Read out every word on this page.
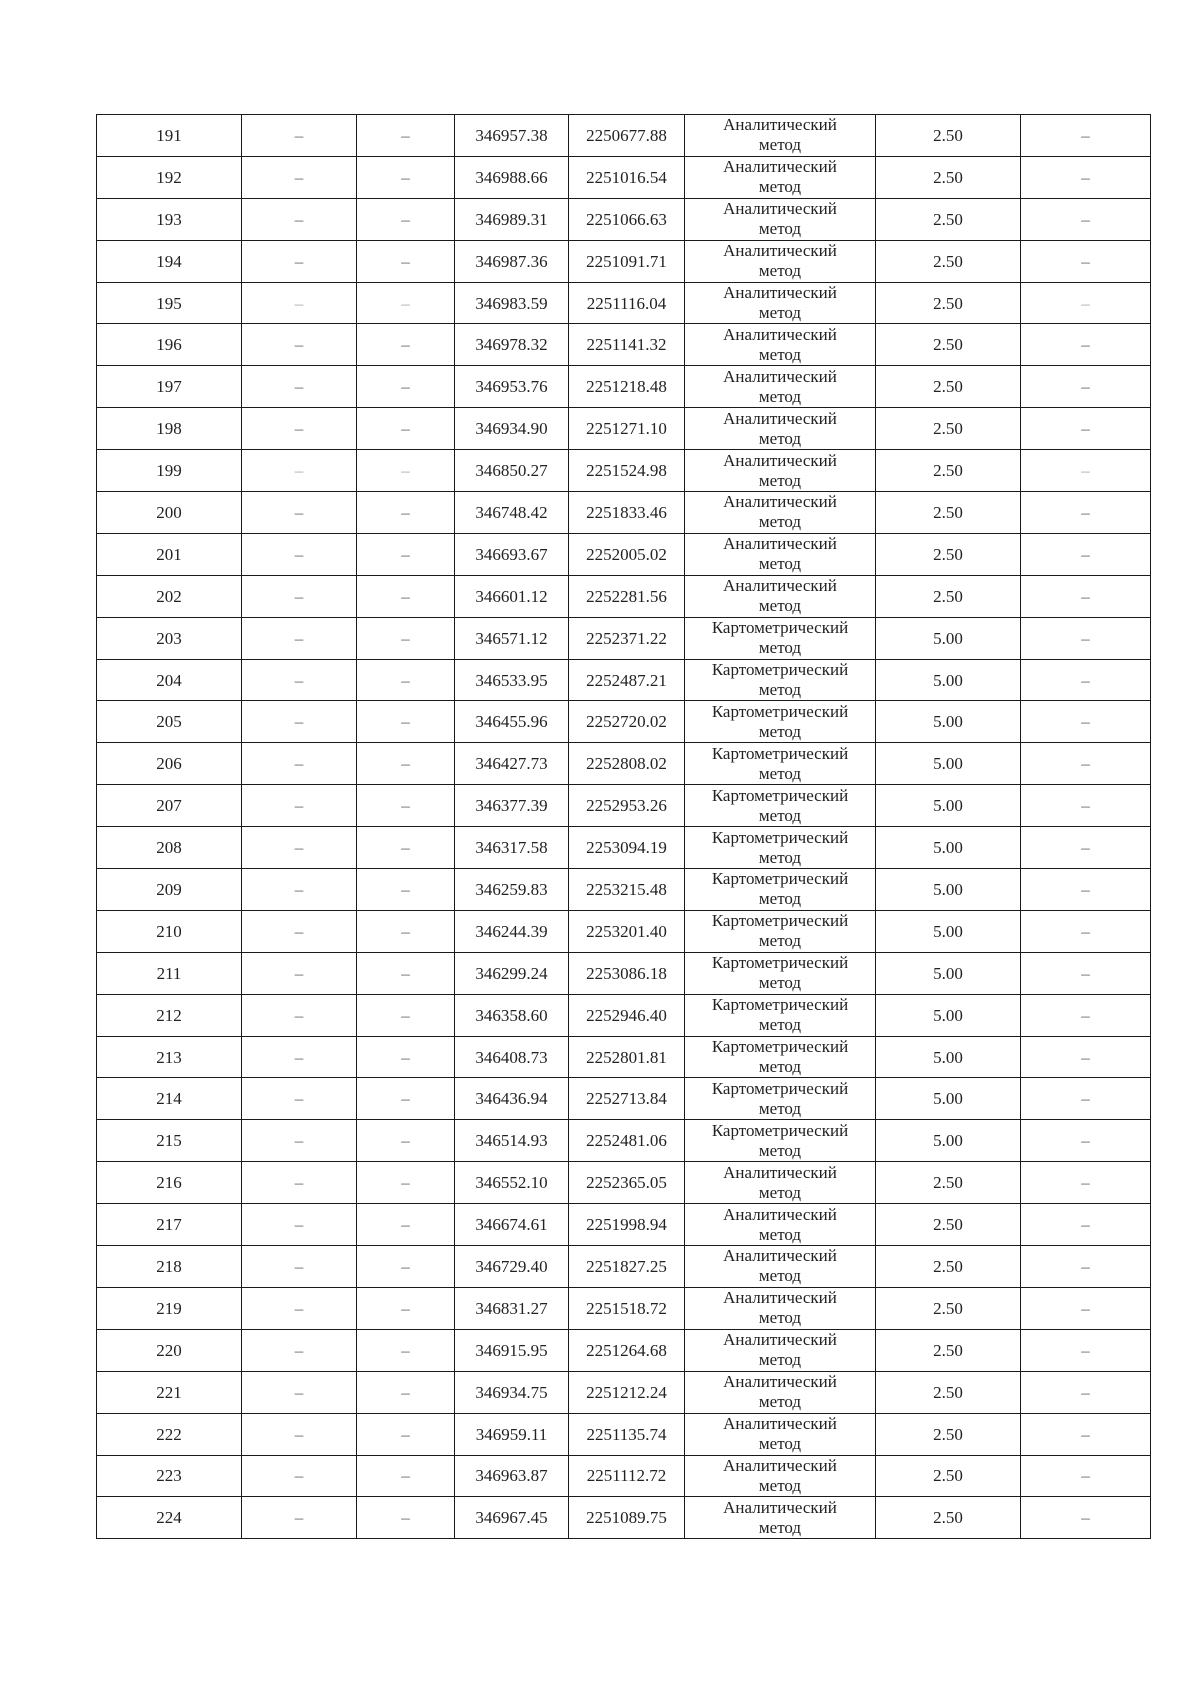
191	–	–	346957.38	2250677.88	Аналитический
метод	2.50	–
192	–	–	346988.66	2251016.54	Аналитический
метод	2.50	–
193	–	–	346989.31	2251066.63	Аналитический
метод	2.50	–
194	–	–	346987.36	2251091.71	Аналитический
метод	2.50	–
195	–	–	346983.59	2251116.04	Аналитический
метод	2.50	–
196	–	–	346978.32	2251141.32	Аналитический
метод	2.50	–
197	–	–	346953.76	2251218.48	Аналитический
метод	2.50	–
198	–	–	346934.90	2251271.10	Аналитический
метод	2.50	–
199	–	–	346850.27	2251524.98	Аналитический
метод	2.50	–
200	–	–	346748.42	2251833.46	Аналитический
метод	2.50	–
201	–	–	346693.67	2252005.02	Аналитический
метод	2.50	–
202	–	–	346601.12	2252281.56	Аналитический
метод	2.50	–
203	–	–	346571.12	2252371.22	Картометрический
метод	5.00	–
204	–	–	346533.95	2252487.21	Картометрический
метод	5.00	–
205	–	–	346455.96	2252720.02	Картометрический
метод	5.00	–
206	–	–	346427.73	2252808.02	Картометрический
метод	5.00	–
207	–	–	346377.39	2252953.26	Картометрический
метод	5.00	–
208	–	–	346317.58	2253094.19	Картометрический
метод	5.00	–
209	–	–	346259.83	2253215.48	Картометрический
метод	5.00	–
210	–	–	346244.39	2253201.40	Картометрический
метод	5.00	–
211	–	–	346299.24	2253086.18	Картометрический
метод	5.00	–
212	–	–	346358.60	2252946.40	Картометрический
метод	5.00	–
213	–	–	346408.73	2252801.81	Картометрический
метод	5.00	–
214	–	–	346436.94	2252713.84	Картометрический
метод	5.00	–
215	–	–	346514.93	2252481.06	Картометрический
метод	5.00	–
216	–	–	346552.10	2252365.05	Аналитический
метод	2.50	–
217	–	–	346674.61	2251998.94	Аналитический
метод	2.50	–
218	–	–	346729.40	2251827.25	Аналитический
метод	2.50	–
219	–	–	346831.27	2251518.72	Аналитический
метод	2.50	–
220	–	–	346915.95	2251264.68	Аналитический
метод	2.50	–
221	–	–	346934.75	2251212.24	Аналитический
метод	2.50	–
222	–	–	346959.11	2251135.74	Аналитический
метод	2.50	–
223	–	–	346963.87	2251112.72	Аналитический
метод	2.50	–
224	–	–	346967.45	2251089.75	Аналитический
метод	2.50	–
